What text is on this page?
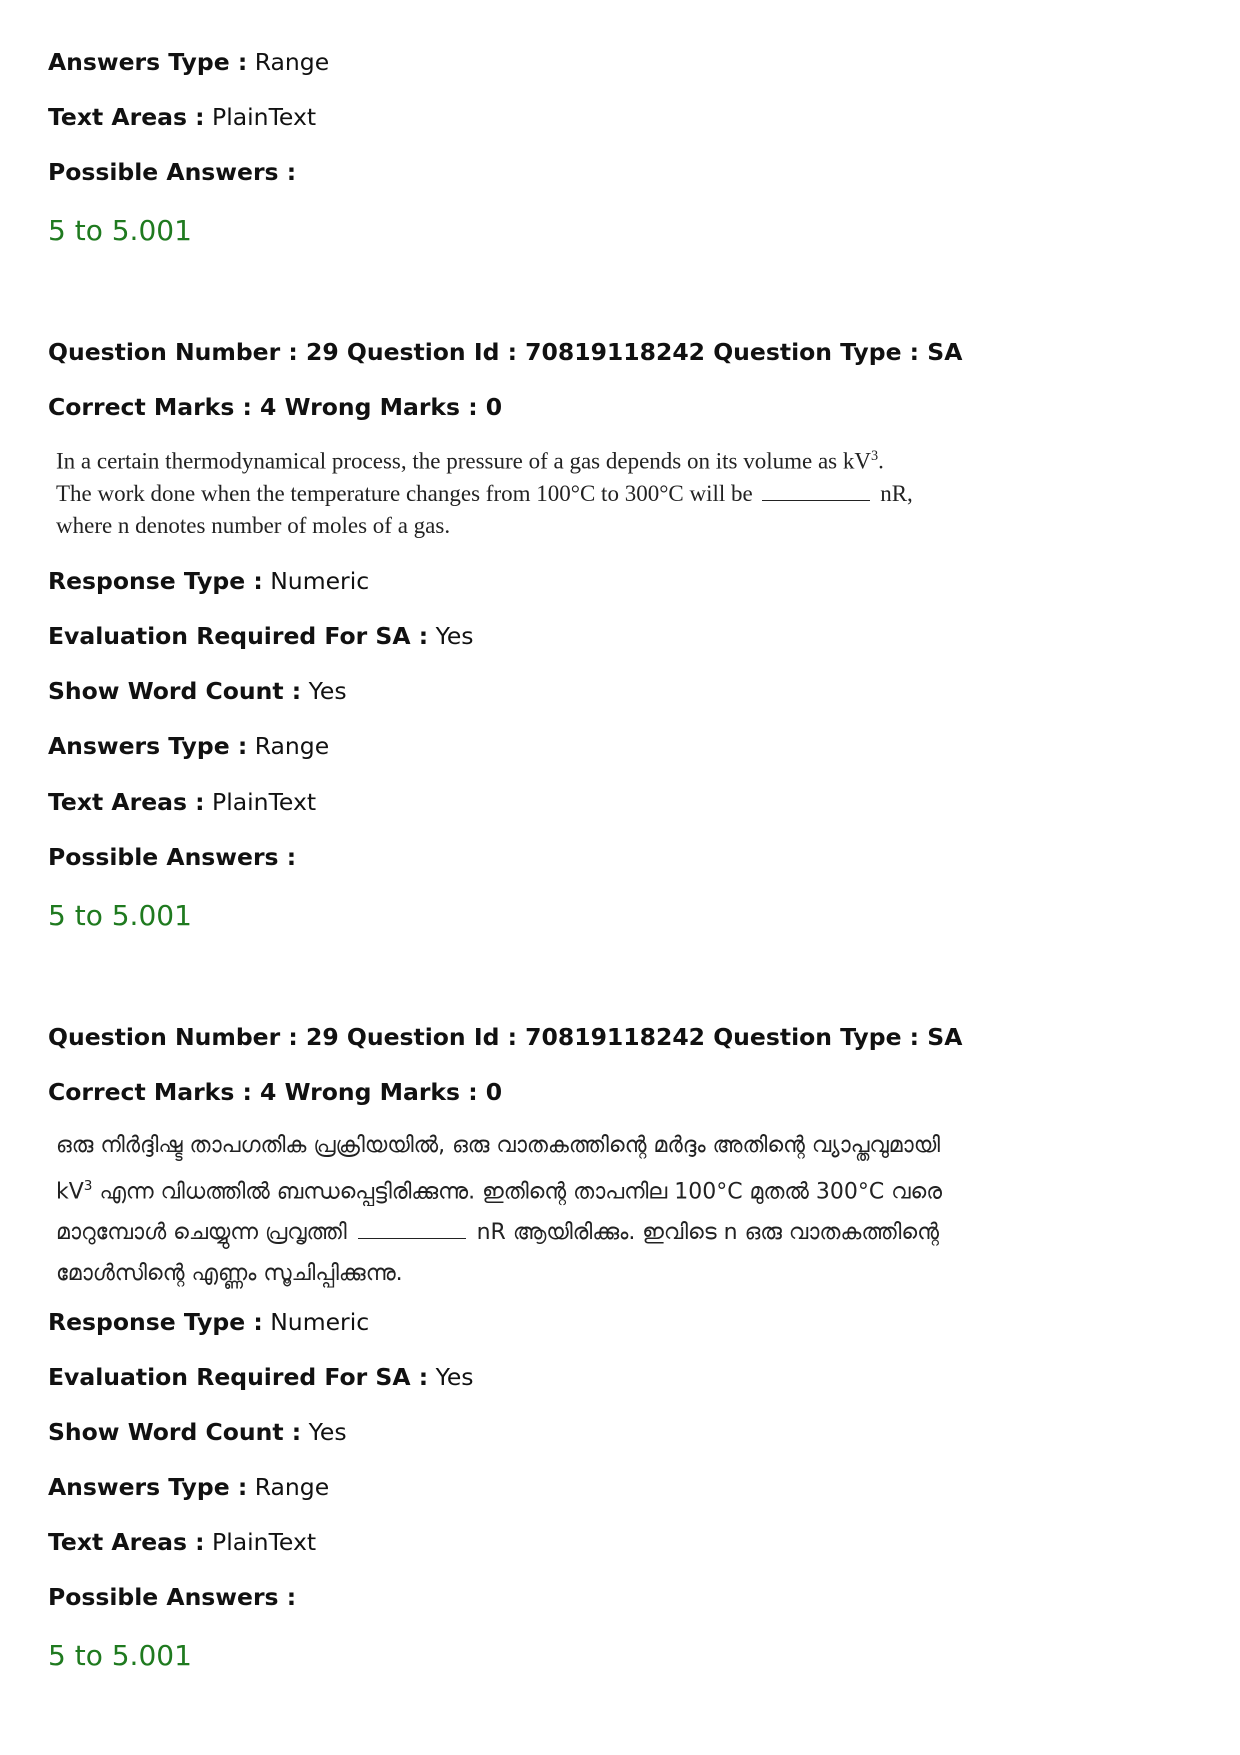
Answers Type : Range
Text Areas : PlainText
Possible Answers :
5 to 5.001
Question Number : 29 Question Id : 70819118242 Question Type : SA
Correct Marks : 4 Wrong Marks : 0
In a certain thermodynamical process, the pressure of a gas depends on its volume as $kV^3$.
The work done when the temperature changes from 100°C to 300°C will be	nR,
where n denotes number of moles of a gas.
Response Type : Numeric
Evaluation Required For SA : Yes
Show Word Count : Yes
Answers Type : Range
Text Areas : PlainText
Possible Answers :
5 to 5.001
Question Number : 29 Question Id : 70819118242 Question Type : SA
Correct Marks : 4 Wrong Marks : 0
ഒരു നിർദ്ദിഷ്ട താപഗതിക പ്രക്രിയയിൽ, ഒരു വാതകത്തിന്റെ മർദ്ദം അതിന്റെ വ്യാപ്തവുമായി
$kV^3$ എന്ന വിധത്തിൽ ബന്ധപ്പെട്ടിരിക്കുന്നു. ഇതിന്റെ താപനില 100°C മുതൽ 300°C വരെ
മാറുമ്പോൾ ചെയ്യുന്ന പ്രവൃത്തി	nR ആയിരിക്കും. ഇവിടെ n ഒരു വാതകത്തിന്റെ
മോൾസിന്റെ എണ്ണം സൂചിപ്പിക്കുന്നു.
Response Type : Numeric
Evaluation Required For SA : Yes
Show Word Count : Yes
Answers Type : Range
Text Areas : PlainText
Possible Answers :
5 to 5.001
